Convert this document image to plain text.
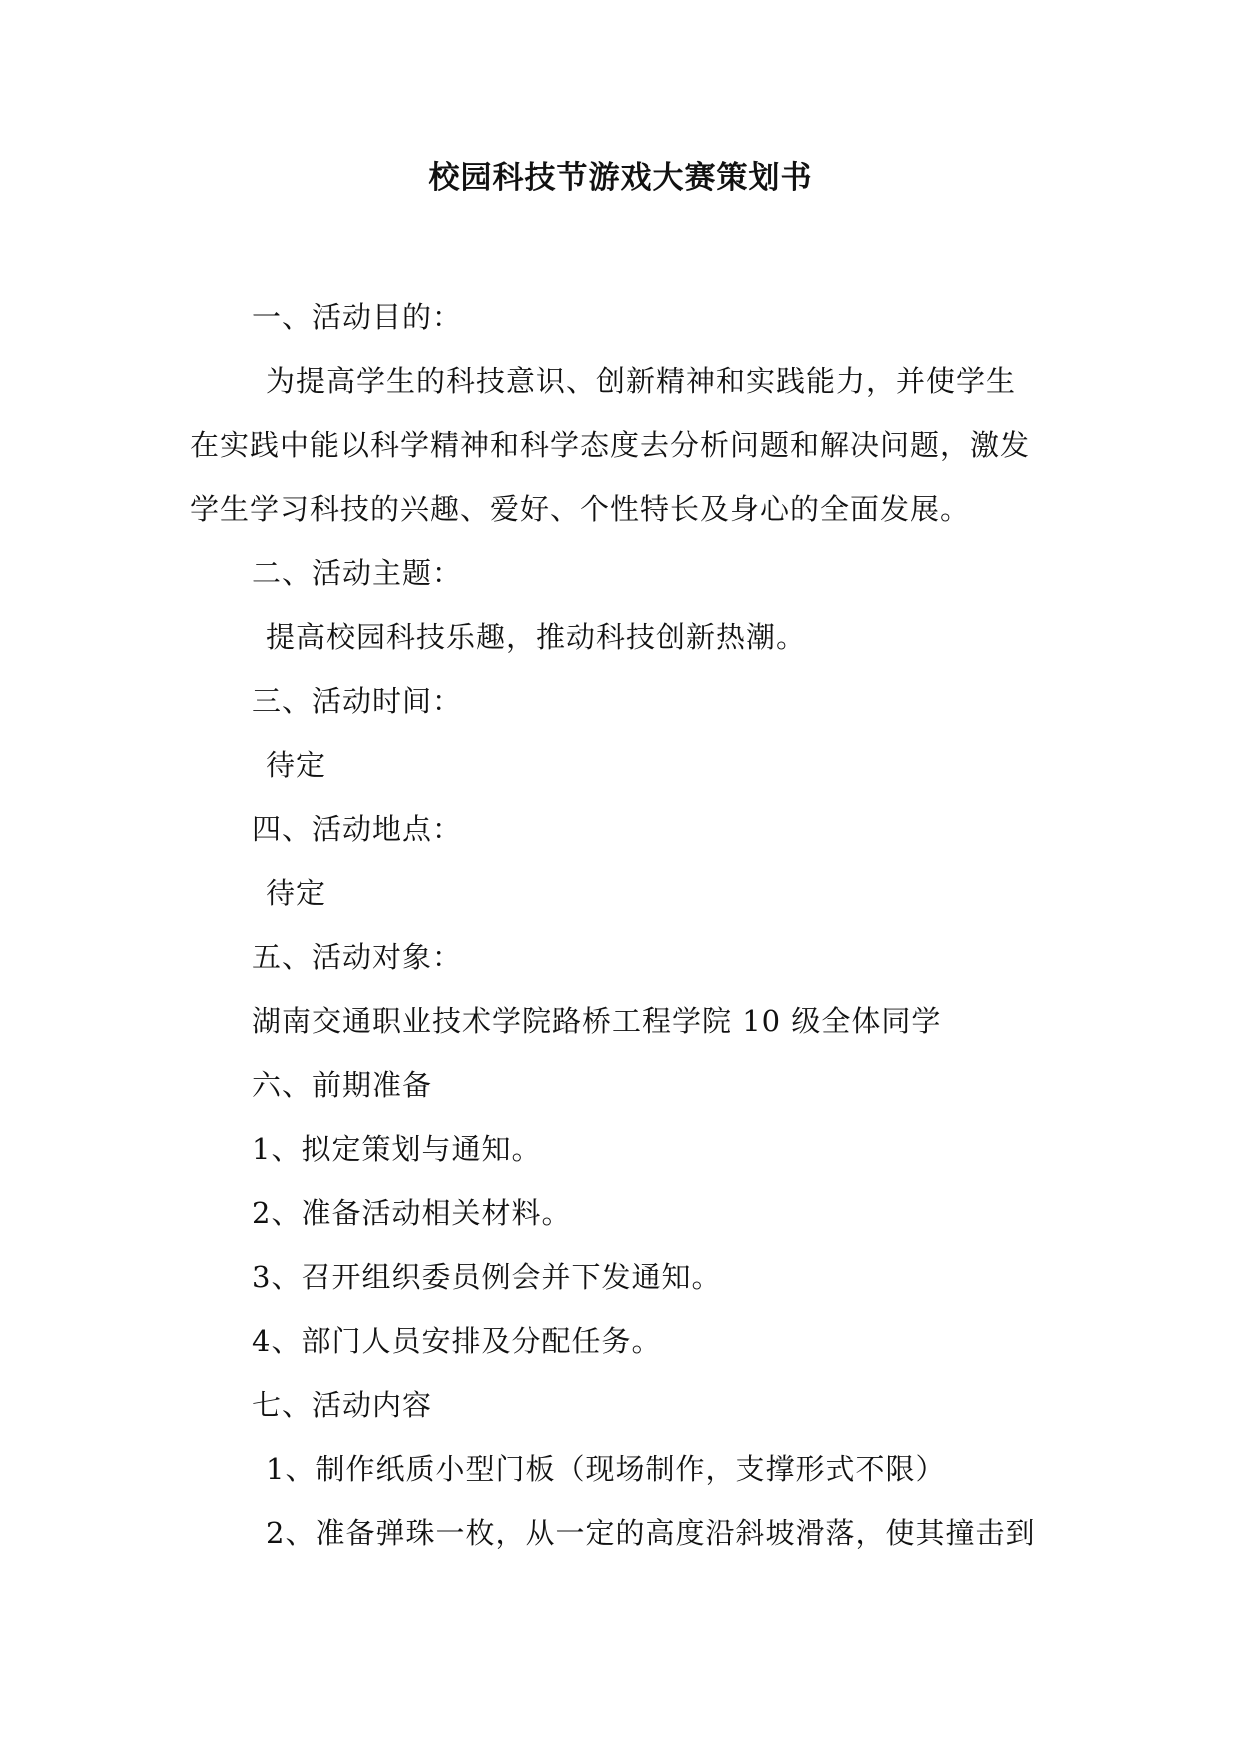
校园科技节游戏大赛策划书
一、活动目的：
为提高学生的科技意识、创新精神和实践能力，并使学生
在实践中能以科学精神和科学态度去分析问题和解决问题，激发
学生学习科技的兴趣、爱好、个性特长及身心的全面发展。
二、活动主题：
提高校园科技乐趣，推动科技创新热潮。
三、活动时间：
待定
四、活动地点：
待定
五、活动对象：
湖南交通职业技术学院路桥工程学院 10 级全体同学
六、前期准备
1、拟定策划与通知。
2、准备活动相关材料。
3、召开组织委员例会并下发通知。
4、部门人员安排及分配任务。
七、活动内容
1、制作纸质小型门板（现场制作，支撑形式不限）
2、准备弹珠一枚，从一定的高度沿斜坡滑落，使其撞击到
